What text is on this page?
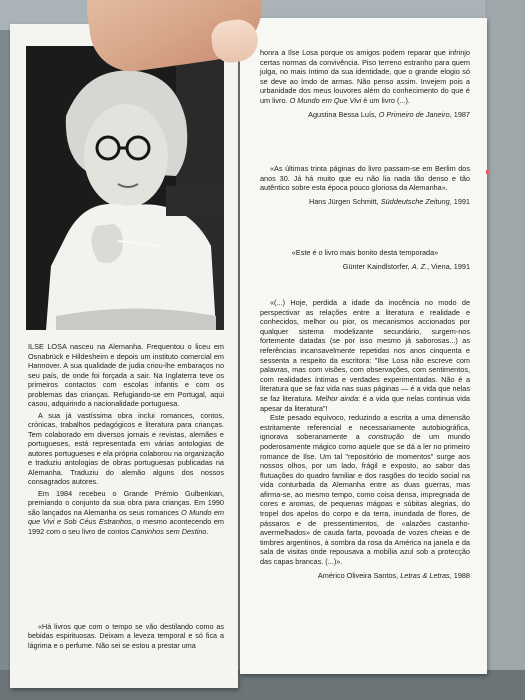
ILSE LOSA nasceu na Alemanha. Frequentou o liceu em Osnabrück e Hildesheim e depois um instituto comercial em Hannover. A sua qualidade de judia criou-lhe embaraços no seu país, de onde foi forçada a sair. Na Inglaterra teve os primeiros contactos com escolas infantis e com os problemas das crianças. Refugiando-se em Portugal, aqui casou, adquirindo a nacionalidade portuguesa.

A sua já vastíssima obra inclui romances, contos, crónicas, trabalhos pedagógicos e literatura para crianças. Tem colaborado em diversos jornais e revistas, alemães e portugueses, está representada em várias antologias de autores portugueses e ela própria colaborou na organização e traduziu antologias de obras portuguesas publicadas na Alemanha. Traduziu do alemão alguns dos nossos consagrados autores.

Em 1984 recebeu o Grande Prémio Gulbenkian, premiando o conjunto da sua obra para crianças. Em 1990 são lançados na Alemanha os seus romances O Mundo em que Vivi e Sob Céus Estranhos, o mesmo acontecendo em 1992 com o seu livro de contos Caminhos sem Destino.

«Há livros que com o tempo se vão destilando como as bebidas espirituosas. Deixam a leveza temporal e só fica a lágrima e o perfume. Não sei se estou a prestar uma

honra a Ilse Losa porque os amigos podem reparar que infrinjo certas normas da convivência. Piso terreno estranho para quem julga, no mais íntimo da sua identidade, que o grande elogio só se deve ao ímdo de armas. Não penso assim. Invejem pois a urbanidade dos meus louvores além do conhecimento do que é um livro. O Mundo em Que Vivi é um livro (...).

Agustina Bessa Luís, O Primeiro de Janeiro, 1987

«As últimas trinta páginas do livro passam-se em Berlim dos anos 30. Já há muito que eu não lia nada tão denso e tão autêntico sobre esta época pouco gloriosa da Alemanha».

Hans Jürgen Schmitt, Süddeutsche Zeitung, 1991

«Este é o livro mais bonito desta temporada»

Günter Kaindlstorfer, A. Z., Viena, 1991

«(...) Hoje, perdida a idade da inocência no modo de perspectivar as relações entre a literatura e realidade e conhecidos, melhor ou pior, os mecanismos accionados por qualquer sistema modelizante secundário, surgem-nos fortemente datadas (se por isso mesmo já saborosas...) as referências incansavelmente repetidas nos anos cinquenta e sessenta a respeito da escritora: "Ilse Losa não escreve com palavras, mas com visões, com observações, com sentimentos, com realidades íntimas e verdades experimentadas. Não é a literatura que se faz vida nas suas páginas — é a vida que nelas se faz literatura. Melhor ainda: é a vida que nelas continua vida apesar da literatura"!

Este pesado equívoco, reduzindo a escrita a uma dimensão estritamente referencial e necessariamente autobiográfica, ignorava soberanamente a construção de um mundo poderosamente mágico como aquele que se dá a ler no primeiro romance de Ilse. Um tal "repositório de momentos" surge aos nossos olhos, por um lado, frágil e exposto, ao sabor das flutuações do quadro familiar e dos rasgões do tecido social na vida conturbada da Alemanha entre as duas guerras, mas afirma-se, ao mesmo tempo, como coisa densa, impregnada de cores e aromas, de pequenas mágoas e súbitas alegrias, do tropel dos apelos do corpo e da terra, inundada de flores, de pássaros e de pressentimentos, de «alazões castanho-avermelhados» de cauda farta, povoada de vozes cheias e de timbres argentinos, à sombra da rosa da América na janela e da sala de visitas onde repousava a mobília azul sob a protecção das capas brancas. (...)».

Américo Oliveira Santos, Letras & Letras, 1988
